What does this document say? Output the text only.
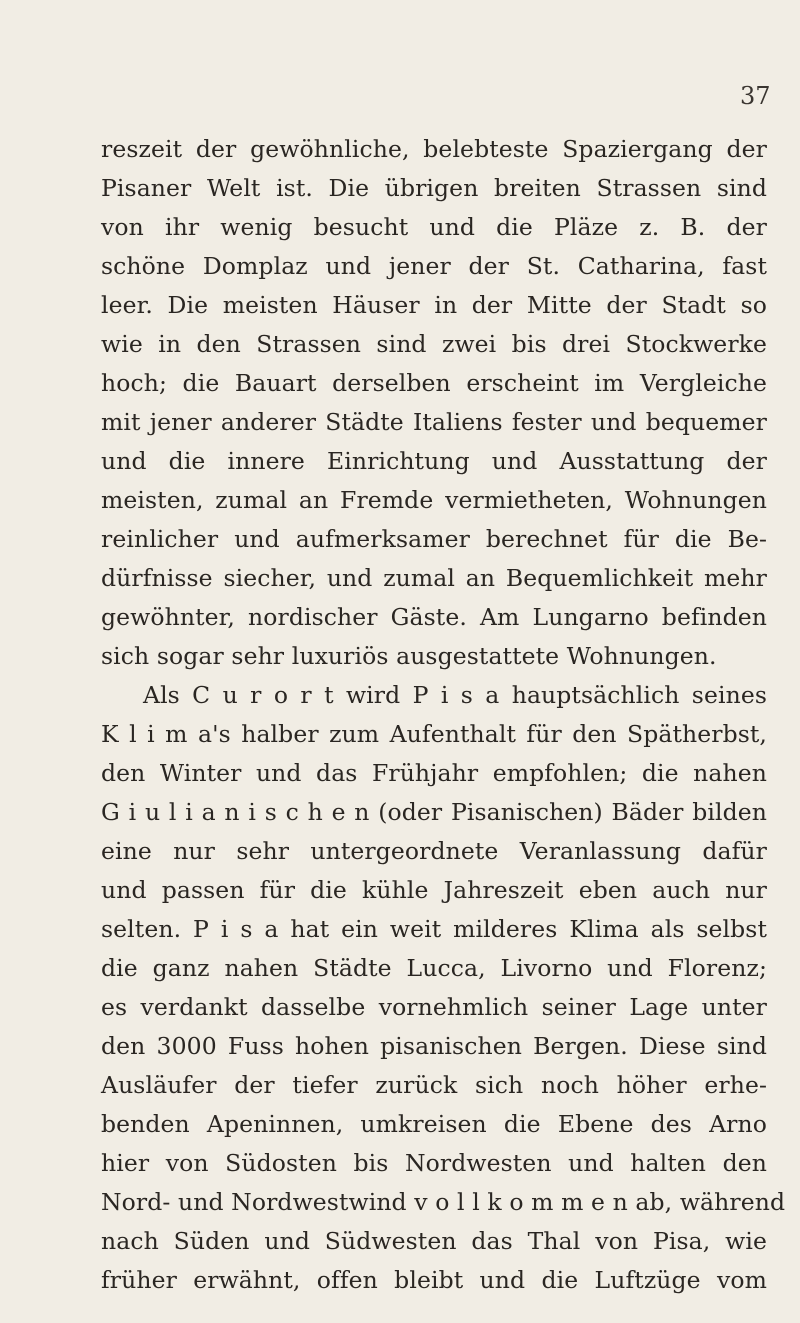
37
reszeit der gewöhnliche, belebteste Spaziergang der
Pisaner Welt ist. Die übrigen breiten Strassen sind
von ihr wenig besucht und die Pläze z. B. der
schöne Domplaz und jener der St. Catharina, fast
leer. Die meisten Häuser in der Mitte der Stadt so
wie in den Strassen sind zwei bis drei Stockwerke
hoch; die Bauart derselben erscheint im Vergleiche
mit jener anderer Städte Italiens fester und bequemer
und die innere Einrichtung und Ausstattung der
meisten, zumal an Fremde vermietheten, Wohnungen
reinlicher und aufmerksamer berechnet für die Be-
dürfnisse siecher, und zumal an Bequemlichkeit mehr
gewöhnter, nordischer Gäste. Am Lungarno befinden
sich sogar sehr luxuriös ausgestattete Wohnungen.
Als C u r o r t wird P i s a hauptsächlich seines
K l i m a's halber zum Aufenthalt für den Spätherbst,
den Winter und das Frühjahr empfohlen; die nahen
G i u l i a n i s c h e n (oder Pisanischen) Bäder bilden
eine nur sehr untergeordnete Veranlassung dafür
und passen für die kühle Jahreszeit eben auch nur
selten. P i s a hat ein weit milderes Klima als selbst
die ganz nahen Städte Lucca, Livorno und Florenz;
es verdankt dasselbe vornehmlich seiner Lage unter
den 3000 Fuss hohen pisanischen Bergen. Diese sind
Ausläufer der tiefer zurück sich noch höher erhe-
benden Apeninnen, umkreisen die Ebene des Arno
hier von Südosten bis Nordwesten und halten den
Nord- und Nordwestwind v o l l k o m m e n ab, während
nach Süden und Südwesten das Thal von Pisa, wie
früher erwähnt, offen bleibt und die Luftzüge vom
